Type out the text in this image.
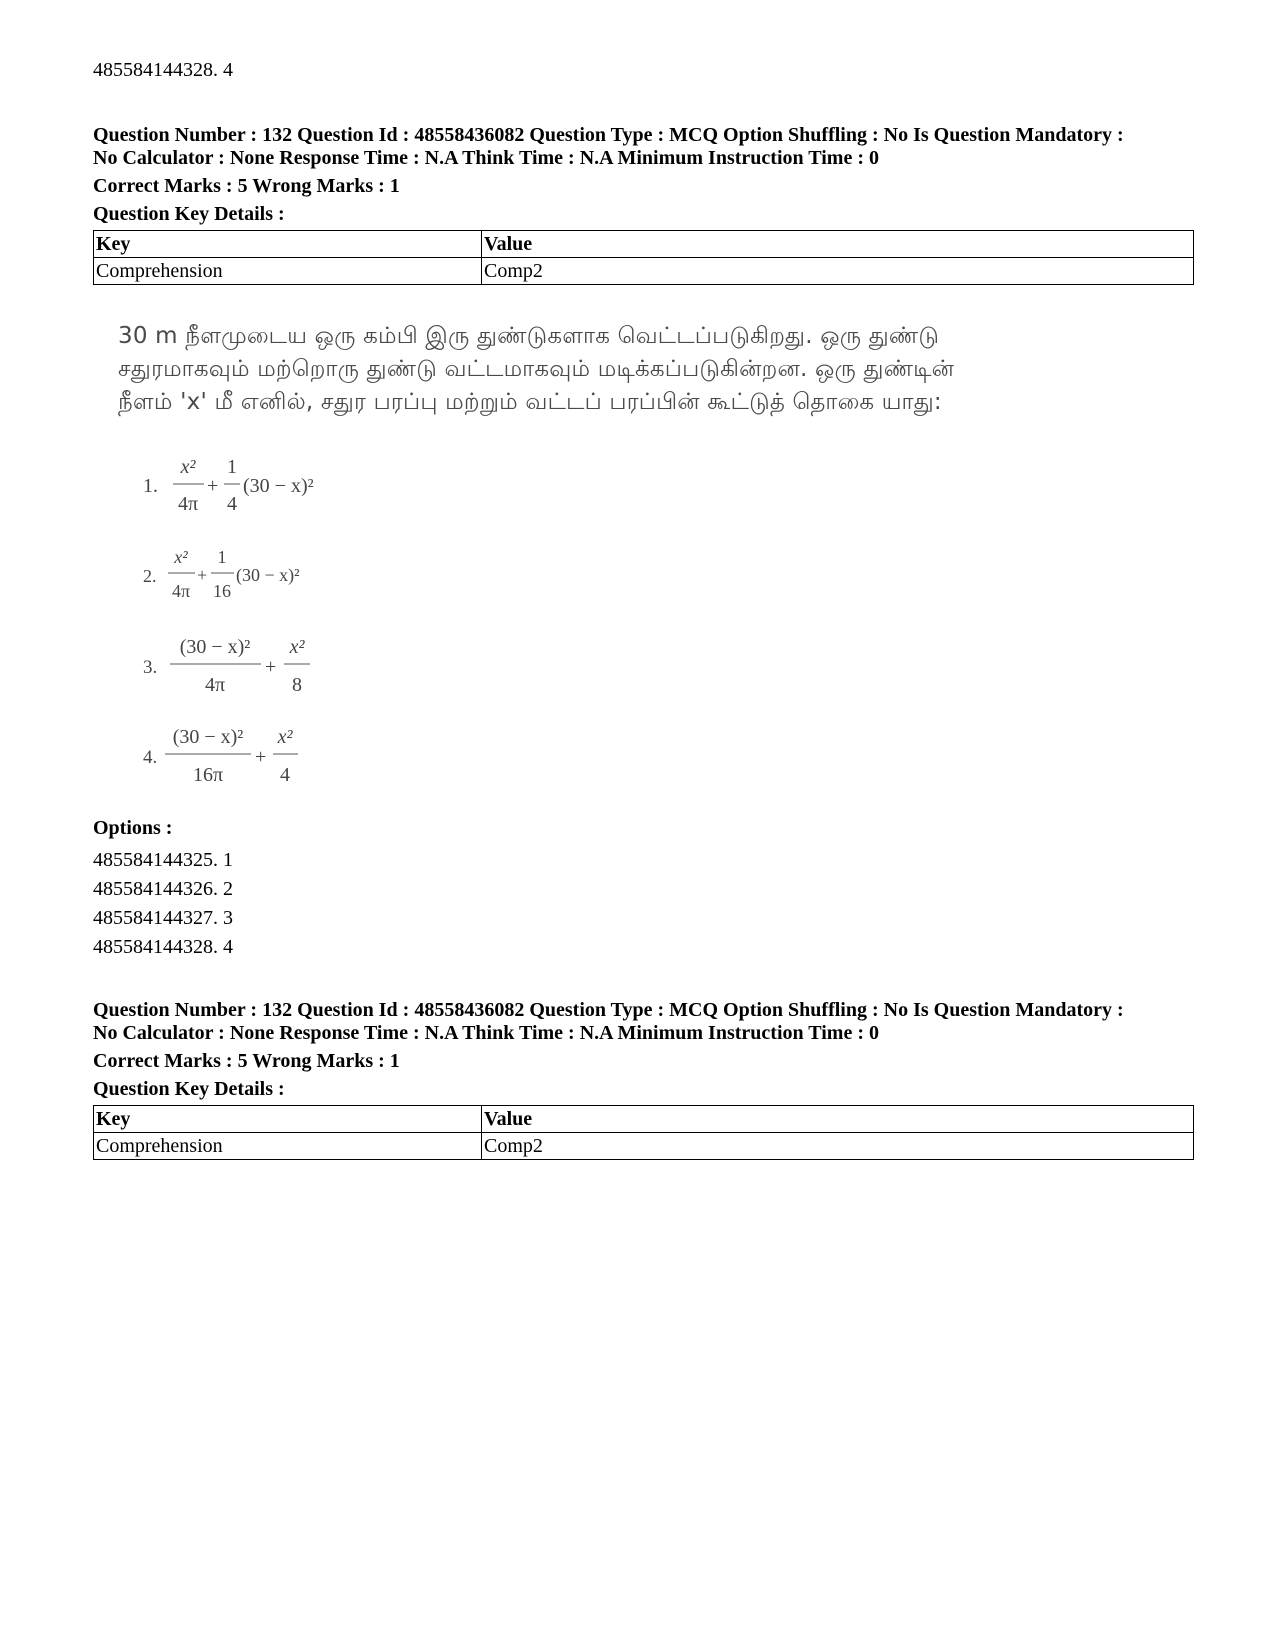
485584144328. 4

Question Number : 132 Question Id : 48558436082 Question Type : MCQ Option Shuffling : No Is Question Mandatory :
No Calculator : None Response Time : N.A Think Time : N.A Minimum Instruction Time : 0

Correct Marks : 5 Wrong Marks : 1

Question Key Details :

Key	Value
Comprehension	Comp2
30 m நீளமுடைய ஒரு கம்பி இரு துண்டுகளாக வெட்டப்படுகிறது. ஒரு துண்டு
சதுரமாகவும் மற்றொரு துண்டு வட்டமாகவும் மடிக்கப்படுகின்றன. ஒரு துண்டின்
நீளம் 'x' மீ எனில், சதுர பரப்பு மற்றும் வட்டப் பரப்பின் கூட்டுத் தொகை யாது:
1.
x²
4π
+
1
4
(30 − x)²
2.
x²
4π
+
1
16
(30 − x)²
3.
(30 − x)²
4π
+
x²
8
4.
(30 − x)²
16π
+
x²
4

Options :

485584144325. 1

485584144326. 2

485584144327. 3

485584144328. 4

Question Number : 132 Question Id : 48558436082 Question Type : MCQ Option Shuffling : No Is Question Mandatory :
No Calculator : None Response Time : N.A Think Time : N.A Minimum Instruction Time : 0

Correct Marks : 5 Wrong Marks : 1

Question Key Details :

Key	Value
Comprehension	Comp2
